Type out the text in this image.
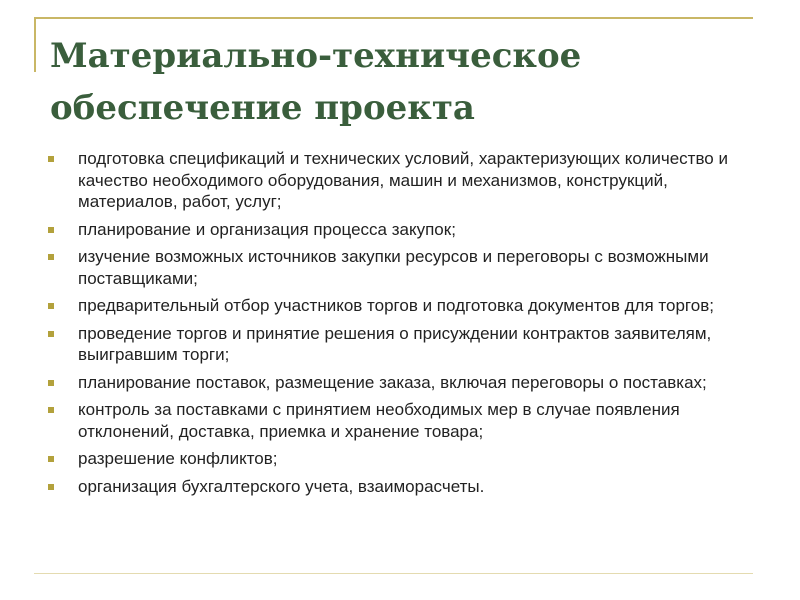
Материально-техническое обеспечение проекта
подготовка спецификаций и технических условий, характеризующих количество и качество необходимого оборудования, машин и механизмов, конструкций, материалов, работ, услуг;
планирование и организация процесса закупок;
изучение возможных источников закупки ресурсов и переговоры с возможными поставщиками;
предварительный отбор участников торгов и подготовка документов для торгов;
проведение торгов и принятие решения о присуждении контрактов заявителям, выигравшим торги;
планирование поставок, размещение заказа, включая переговоры о поставках;
контроль за поставками с принятием необходимых мер в случае появления отклонений, доставка, приемка и хранение товара;
разрешение конфликтов;
организация бухгалтерского учета, взаиморасчеты.
